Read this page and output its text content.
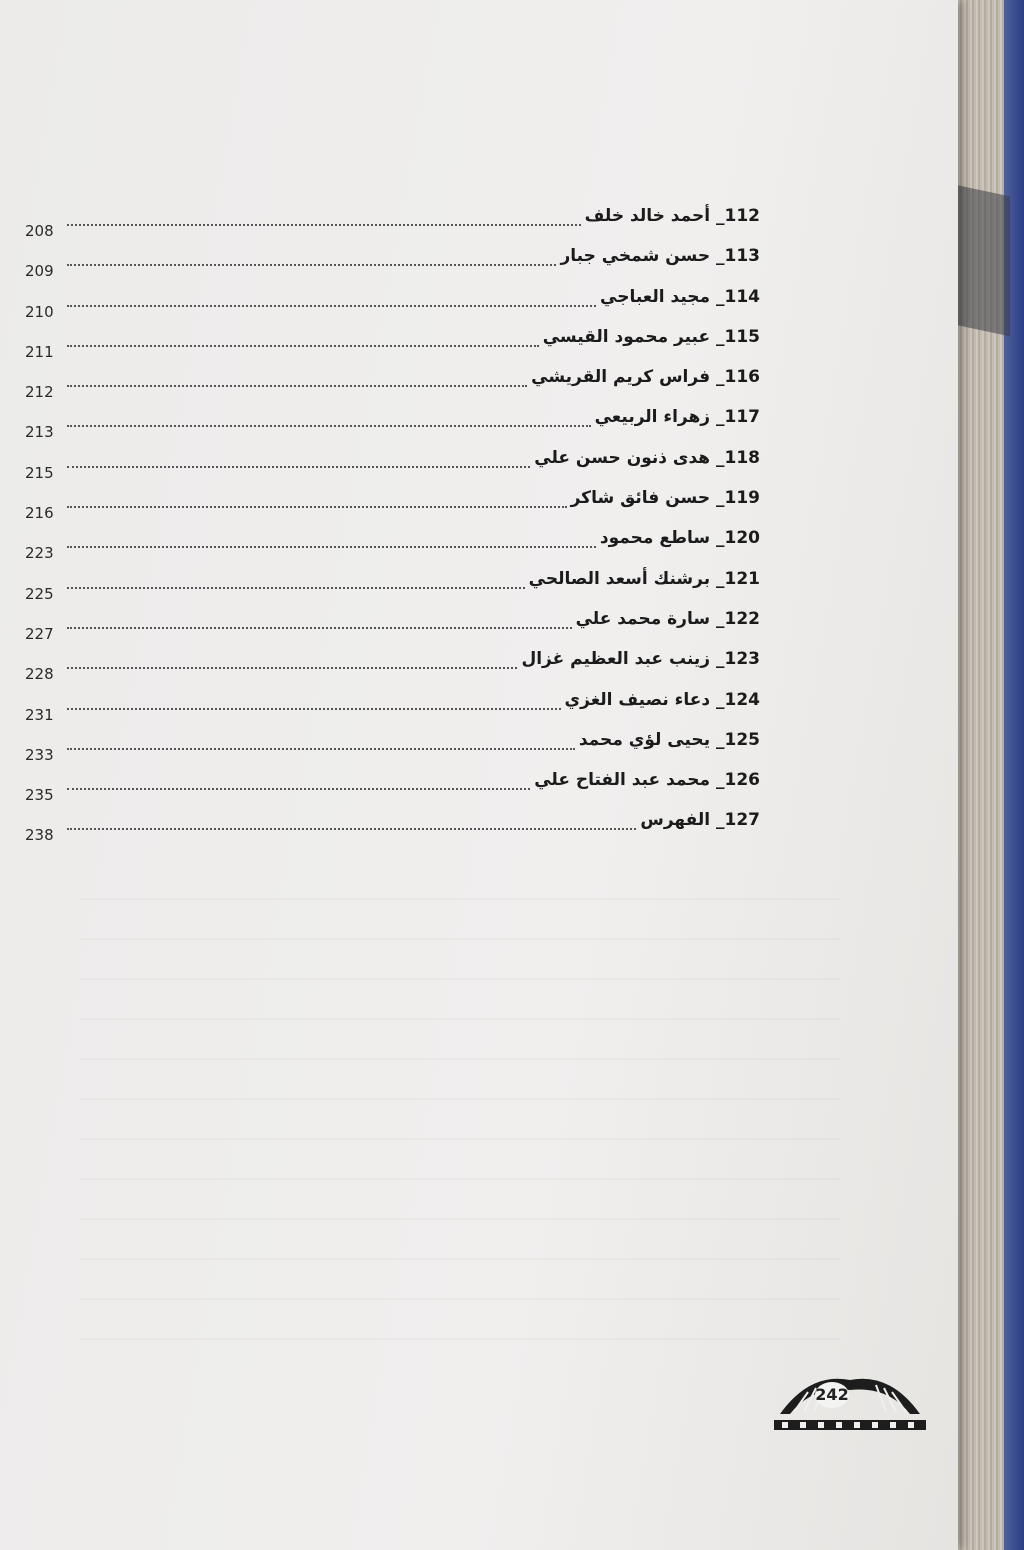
112_ أحمد خالد خلف
208
113_ حسن شمخي جبار
209
114_ مجيد العباجي
210
115_ عبير محمود القيسي
211
116_ فراس كريم القريشي
212
117_ زهراء الربيعي
213
118_ هدى ذنون حسن علي
215
119_ حسن فائق شاكر
216
120_ ساطع محمود
223
121_ برشنك أسعد الصالحي
225
122_ سارة محمد علي
227
123_ زينب عبد العظيم غزال
228
124_ دعاء نصيف الغزي
231
125_ يحيى لؤي محمد
233
126_ محمد عبد الفتاح علي
235
127_ الفهرس
238
242
